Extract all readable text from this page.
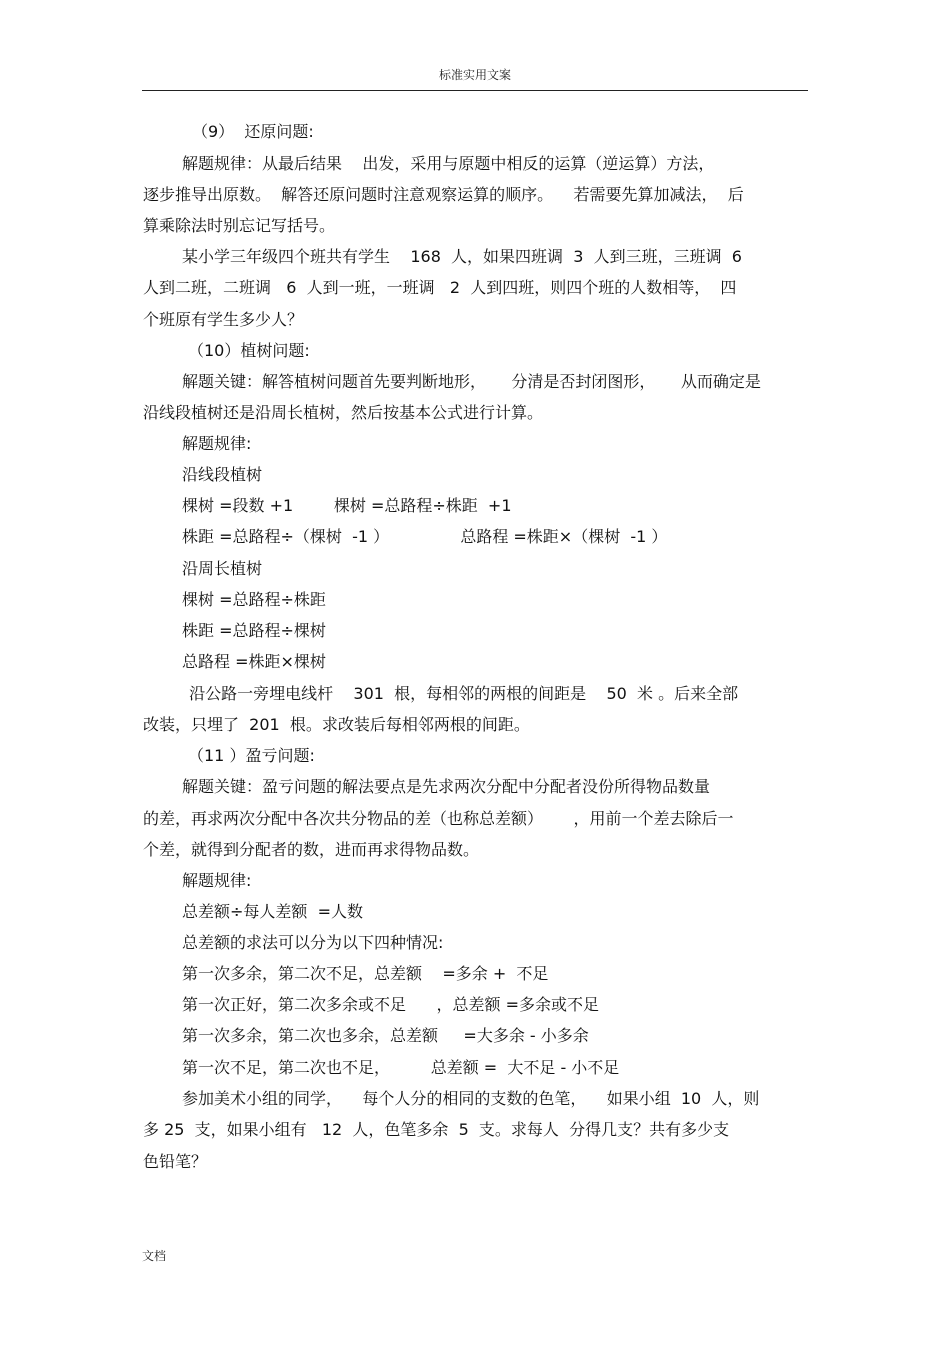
标准实用文案
（9）  还原问题:
解题规律：从最后结果    出发，采用与原题中相反的运算（逆运算）方法，
逐步推导出原数。  解答还原问题时注意观察运算的顺序。    若需要先算加减法，  后
算乘除法时别忘记写括号。
某小学三年级四个班共有学生    168  人，如果四班调  3  人到三班，三班调  6
人到二班，二班调   6  人到一班，一班调   2  人到四班，则四个班的人数相等，  四
个班原有学生多少人？
（10）植树问题:
解题关键：解答植树问题首先要判断地形，     分清是否封闭图形，     从而确定是
沿线段植树还是沿周长植树，然后按基本公式进行计算。
解题规律:
沿线段植树
棵树 =段数 +1        棵树 =总路程÷株距  +1
株距 =总路程÷（棵树  -1 ）              总路程 =株距×（棵树  -1 ）
沿周长植树
棵树 =总路程÷株距
株距 =总路程÷棵树
总路程 =株距×棵树
沿公路一旁埋电线杆    301  根，每相邻的两根的间距是    50  米 。后来全部
改装，只埋了  201  根。求改装后每相邻两根的间距。
（11 ）盈亏问题:
解题关键：盈亏问题的解法要点是先求两次分配中分配者没份所得物品数量
的差，再求两次分配中各次共分物品的差（也称总差额）      ，用前一个差去除后一
个差，就得到分配者的数，进而再求得物品数。
解题规律:
总差额÷每人差额  =人数
总差额的求法可以分为以下四种情况:
第一次多余，第二次不足，总差额    =多余 +  不足
第一次正好，第二次多余或不足      ，总差额 =多余或不足
第一次多余，第二次也多余，总差额     =大多余 - 小多余
第一次不足，第二次也不足，        总差额 =  大不足 - 小不足
参加美术小组的同学，    每个人分的相同的支数的色笔，    如果小组  10  人，则
多 25  支，如果小组有   12  人，色笔多余  5  支。求每人  分得几支？共有多少支
色铅笔？
文档
